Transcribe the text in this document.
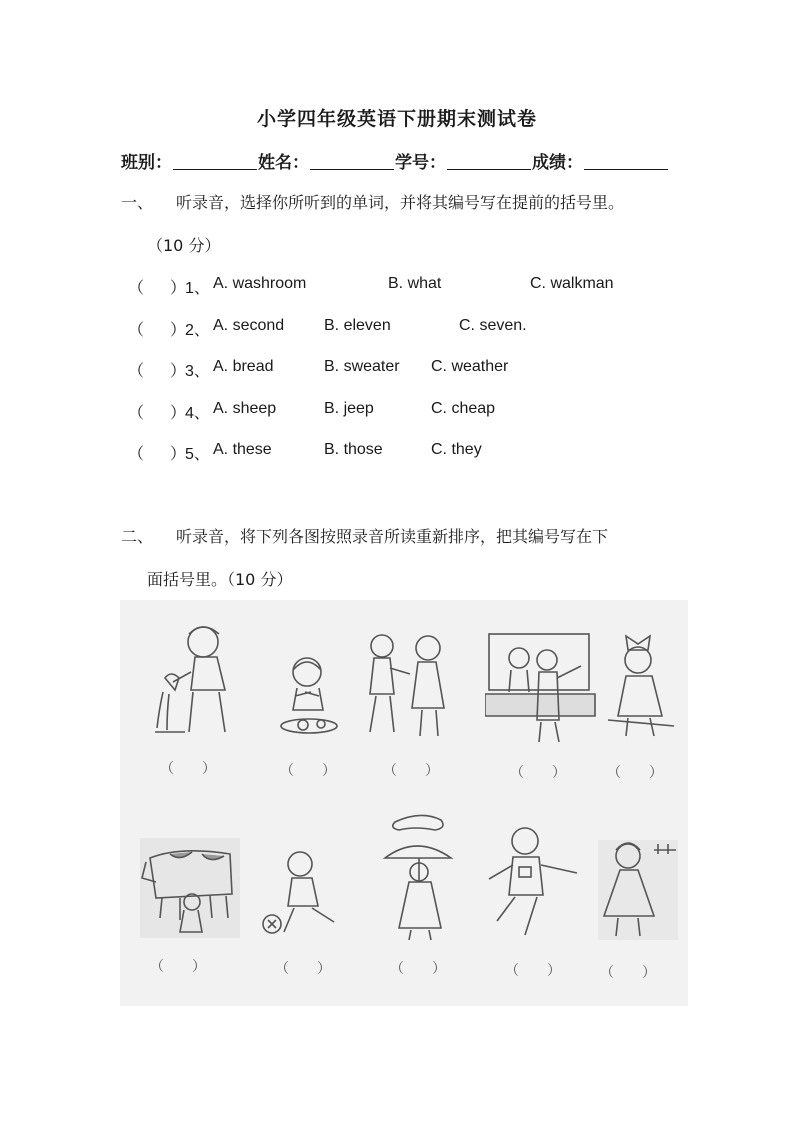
小学四年级英语下册期末测试卷
班别：	姓名：	学号：	成绩：
一、 听录音，选择你所听到的单词，并将其编号写在提前的括号里。
（10 分）
（ ）
1、 A. washroom	B. what	C. walkman
（ ）
2、 A. second B. eleven	C. seven.
（ ）
3、 A. bread	B. sweater C. weather
（ ）
4、 A. sheep	B. jeep	C. cheap
（ ）
5、 A. these	B. those	C. they
二、 听录音，将下列各图按照录音所读重新排序，把其编号写在下
面括号里。（10 分）
（　　）	（　　）	（　　）	（　　）	（　　）
（　　）	（　　）	（　　）	（　　）	（　　）
